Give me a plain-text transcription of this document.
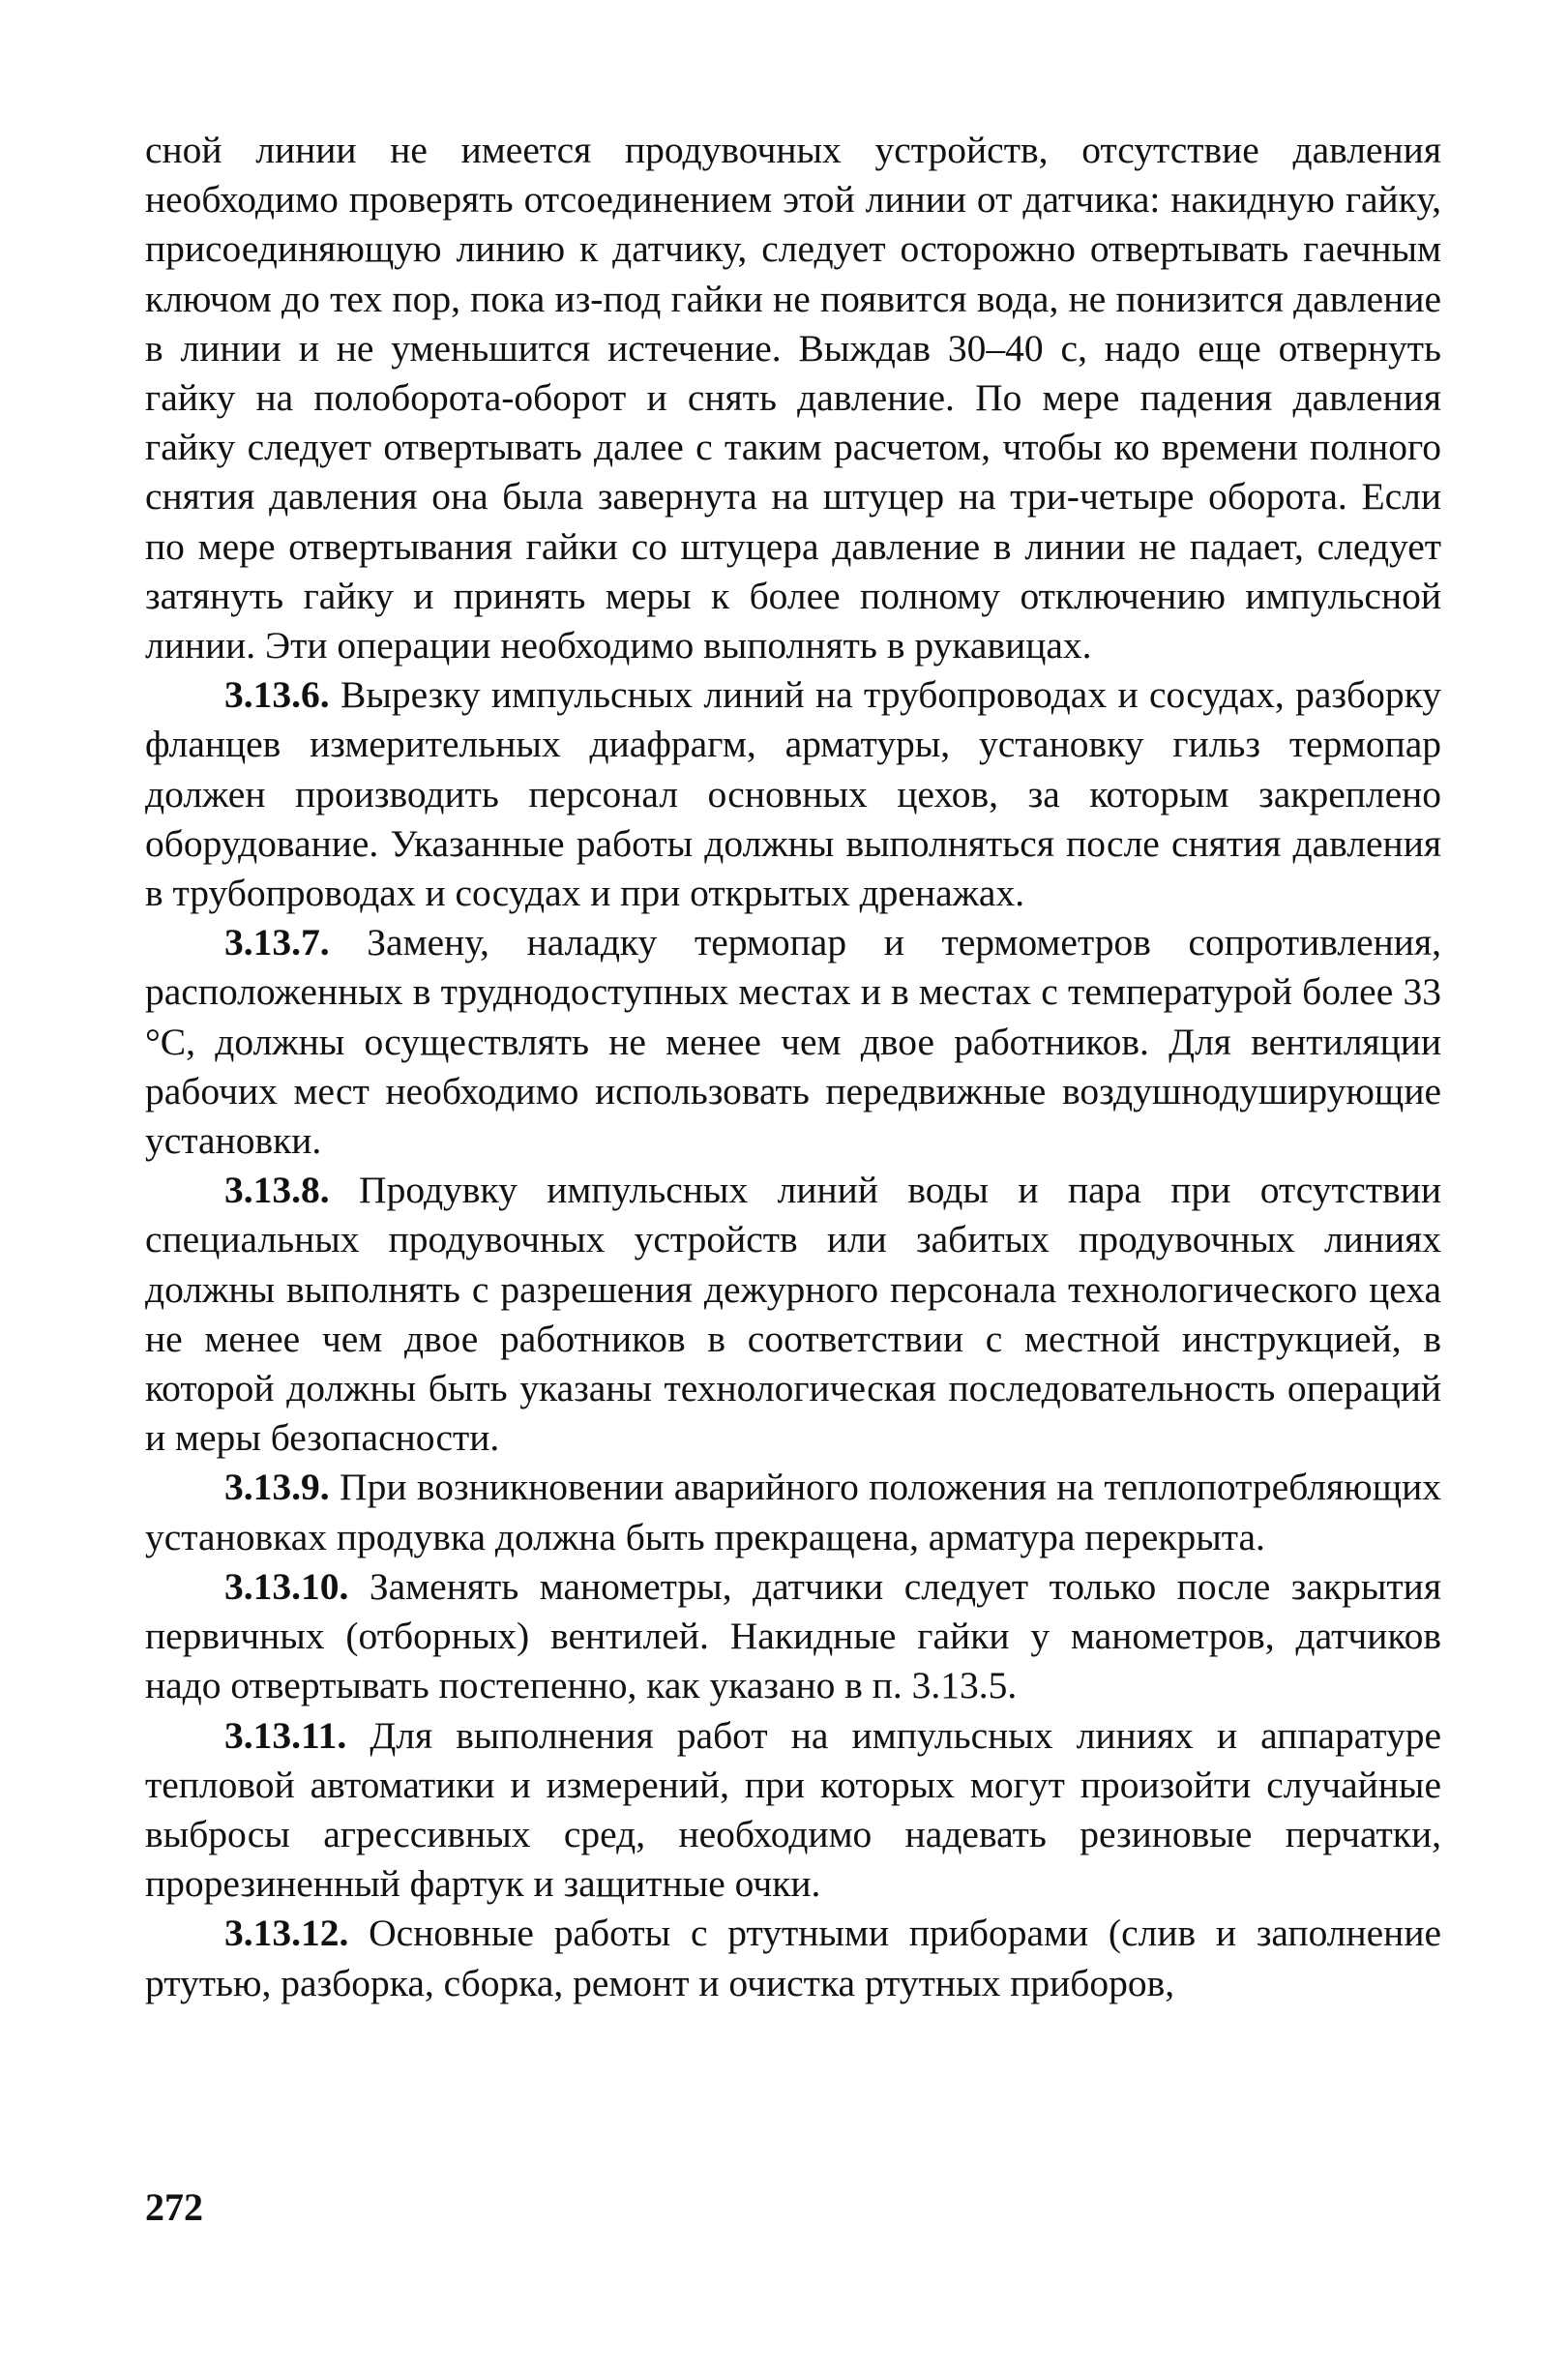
сной линии не имеется продувочных устройств, отсутствие давления необходимо проверять отсоединением этой линии от датчика: накидную гайку, присоединяющую линию к датчику, следует осторожно отвертывать гаечным ключом до тех пор, пока из-под гайки не появится вода, не понизится давление в линии и не уменьшится истечение. Выждав 30–40 с, надо еще отвернуть гайку на полоборота-оборот и снять давление. По мере падения давления гайку следует отвертывать далее с таким расчетом, чтобы ко времени полного снятия давления она была завернута на штуцер на три-четыре оборота. Если по мере отвертывания гайки со штуцера давление в линии не падает, следует затянуть гайку и принять меры к более полному отключению импульсной линии. Эти операции необходимо выполнять в рукавицах.

3.13.6. Вырезку импульсных линий на трубопроводах и сосудах, разборку фланцев измерительных диафрагм, арматуры, установку гильз термопар должен производить персонал основных цехов, за которым закреплено оборудование. Указанные работы должны выполняться после снятия давления в трубопроводах и сосудах и при открытых дренажах.

3.13.7. Замену, наладку термопар и термометров сопротивления, расположенных в труднодоступных местах и в местах с температурой более 33 °С, должны осуществлять не менее чем двое работников. Для вентиляции рабочих мест необходимо использовать передвижные воздушнодуширующие установки.

3.13.8. Продувку импульсных линий воды и пара при отсутствии специальных продувочных устройств или забитых продувочных линиях должны выполнять с разрешения дежурного персонала технологического цеха не менее чем двое работников в соответствии с местной инструкцией, в которой должны быть указаны технологическая последовательность операций и меры безопасности.

3.13.9. При возникновении аварийного положения на теплопотребляющих установках продувка должна быть прекращена, арматура перекрыта.

3.13.10. Заменять манометры, датчики следует только после закрытия первичных (отборных) вентилей. Накидные гайки у манометров, датчиков надо отвертывать постепенно, как указано в п. 3.13.5.

3.13.11. Для выполнения работ на импульсных линиях и аппаратуре тепловой автоматики и измерений, при которых могут произойти случайные выбросы агрессивных сред, необходимо надевать резиновые перчатки, прорезиненный фартук и защитные очки.

3.13.12. Основные работы с ртутными приборами (слив и заполнение ртутью, разборка, сборка, ремонт и очистка ртутных приборов,

272
